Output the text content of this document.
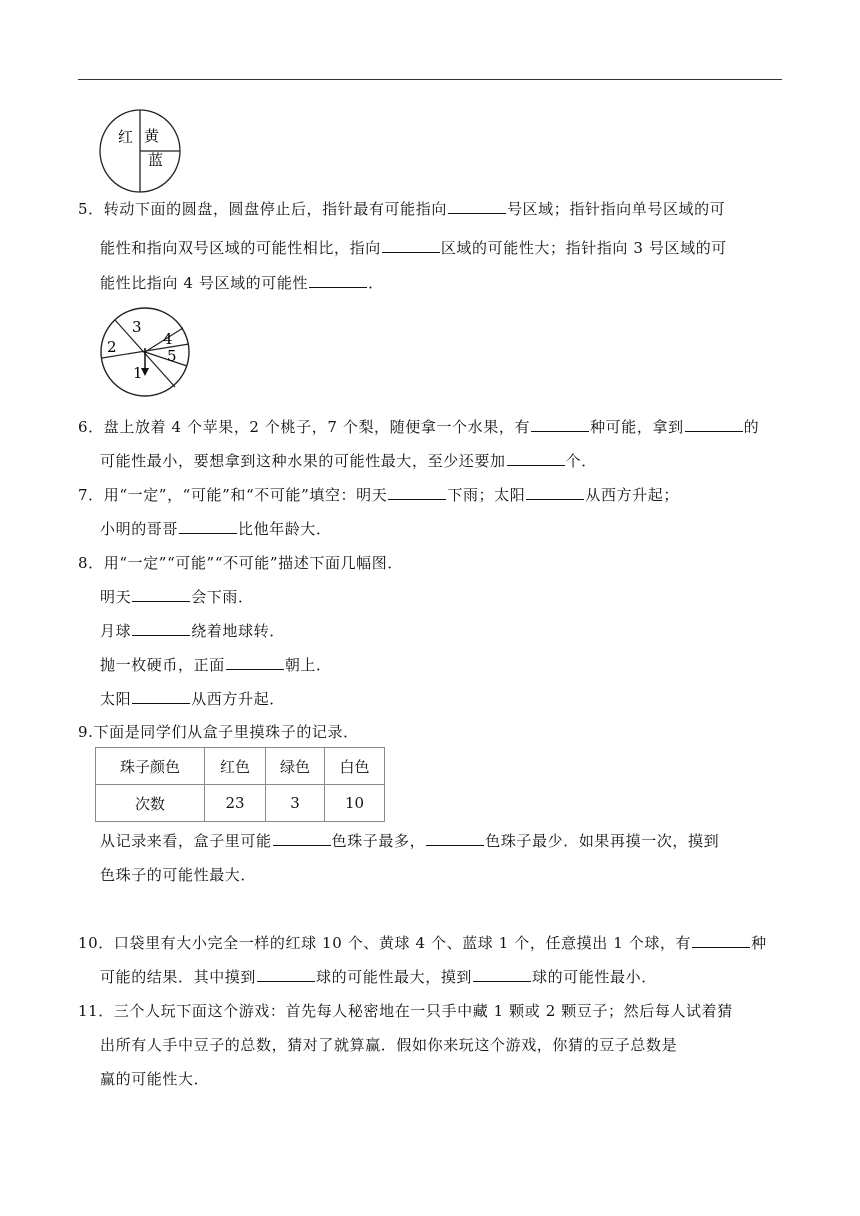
红 黄
蓝
5．转动下面的圆盘，圆盘停止后，指针最有可能指向	号区域；指针指向单号区域的可
能性和指向双号区域的可能性相比，指向	区域的可能性大；指针指向 3 号区域的可
能性比指向 4 号区域的可能性	．
3
2	4
5
1
6．盘上放着 4 个苹果，2 个桃子，7 个梨，随便拿一个水果，有	种可能，拿到	的
可能性最小，要想拿到这种水果的可能性最大，至少还要加	个．
7．用“一定”，“可能”和“不可能”填空：明天	下雨；太阳	从西方升起；
小明的哥哥	比他年龄大．
8．用“一定”“可能”“不可能”描述下面几幅图．
明天	会下雨．
月球	绕着地球转．
抛一枚硬币，正面	朝上．
太阳	从西方升起．
9.下面是同学们从盒子里摸珠子的记录．
珠子颜色	红色	绿色	白色
次数	23	3	10
从记录来看，盒子里可能	色珠子最多，	色珠子最少．如果再摸一次，摸到
色珠子的可能性最大．
10．口袋里有大小完全一样的红球 10 个、黄球 4 个、蓝球 1 个，任意摸出 1 个球，有	种
可能的结果．其中摸到	球的可能性最大，摸到	球的可能性最小．
11．三个人玩下面这个游戏：首先每人秘密地在一只手中藏 1 颗或 2 颗豆子；然后每人试着猜
出所有人手中豆子的总数，猜对了就算赢．假如你来玩这个游戏，你猜的豆子总数是
赢的可能性大．
